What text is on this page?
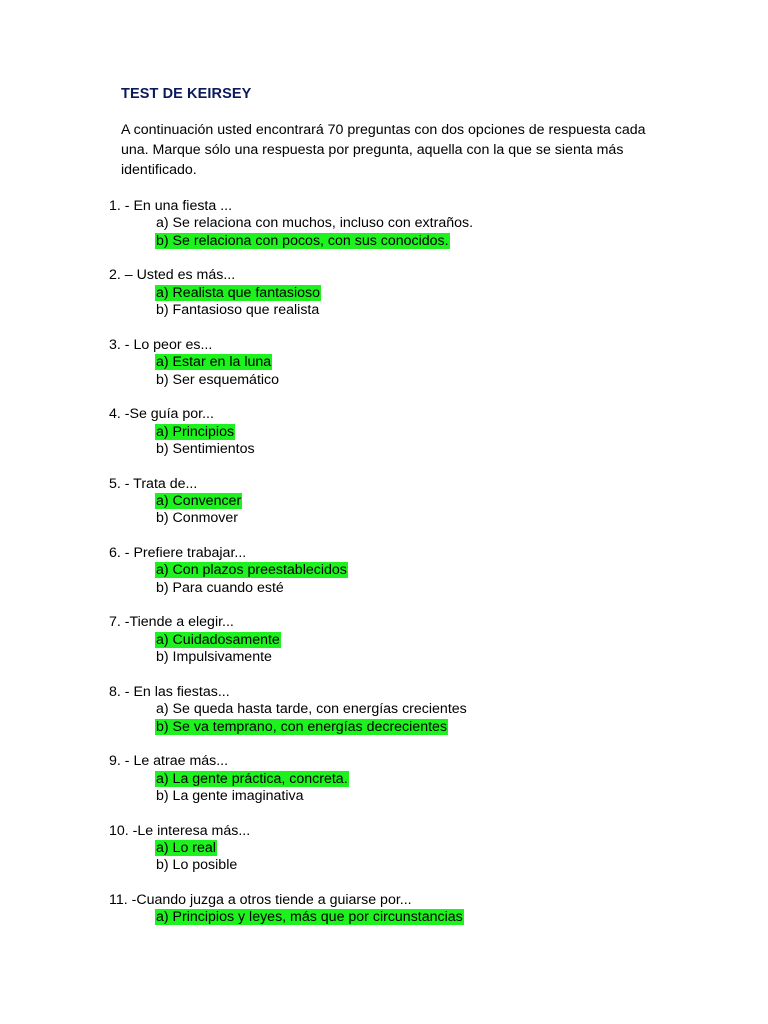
TEST DE KEIRSEY
A continuación usted encontrará 70 preguntas con dos opciones de respuesta cada una. Marque sólo una respuesta por pregunta, aquella con la que se sienta más identificado.
1. - En una fiesta ...
a) Se relaciona con muchos, incluso con extraños.
b) Se relaciona con pocos, con sus conocidos.
2. – Usted es más...
a) Realista que fantasioso
b) Fantasioso que realista
3. - Lo peor es...
a) Estar en la luna
b) Ser esquemático
4. -Se guía por...
a) Principios
b) Sentimientos
5. - Trata de...
a) Convencer
b) Conmover
6. - Prefiere trabajar...
a) Con plazos preestablecidos
b) Para cuando esté
7. -Tiende a elegir...
a) Cuidadosamente
b) Impulsivamente
8. - En las fiestas...
a) Se queda hasta tarde, con energías crecientes
b) Se va temprano, con energías decrecientes
9. - Le atrae más...
a) La gente práctica, concreta.
b) La gente imaginativa
10. -Le interesa más...
a) Lo real
b) Lo posible
11. -Cuando juzga a otros tiende a guiarse por...
a) Principios y leyes, más que por circunstancias
